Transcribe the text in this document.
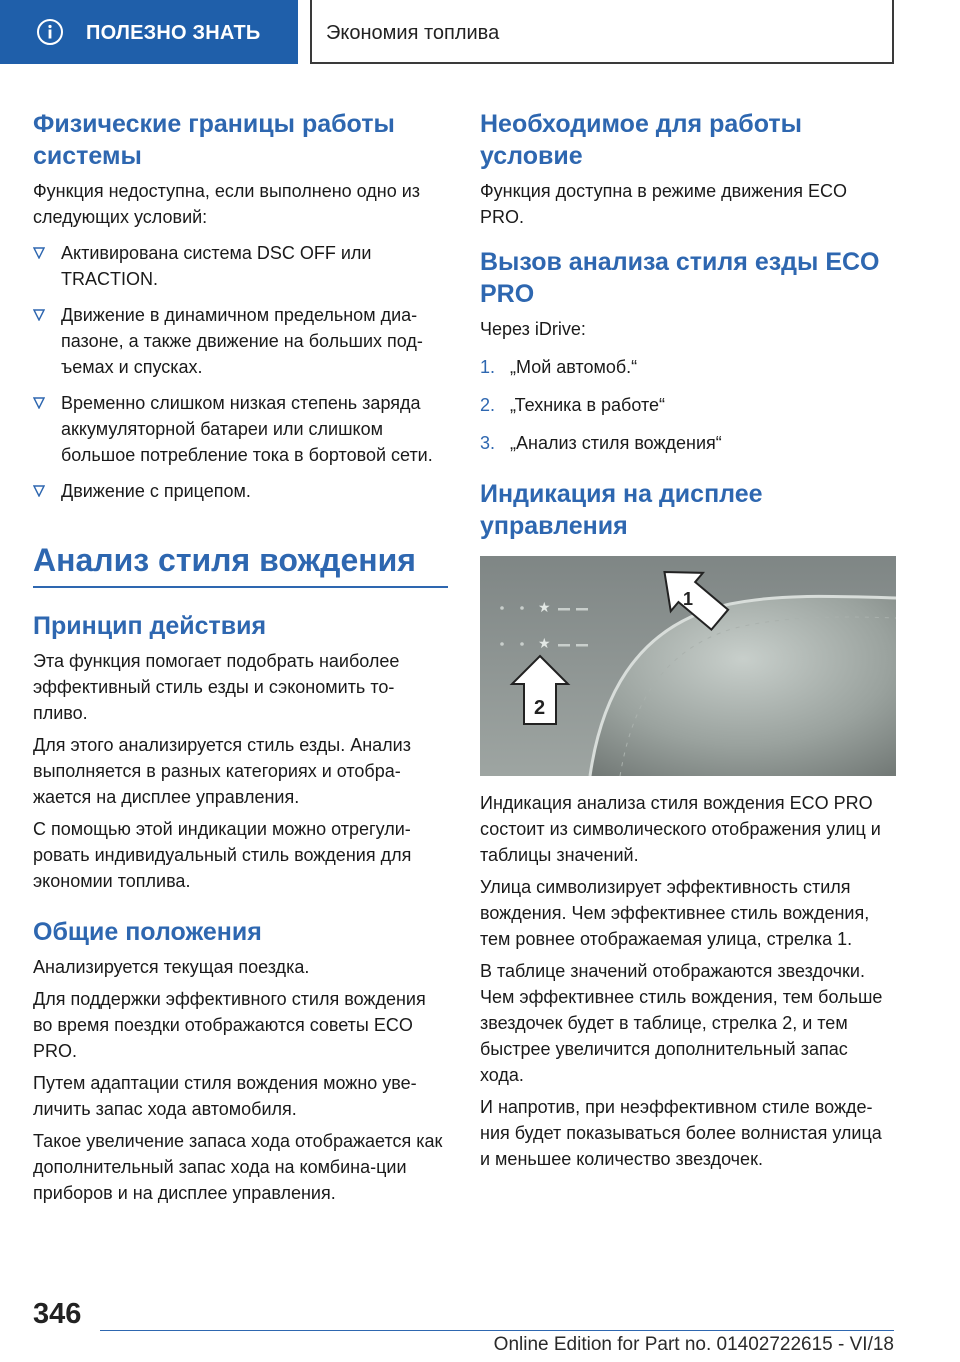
ПОЛЕЗНО ЗНАТЬ	Экономия топлива
Физические границы работы системы

Функция недоступна, если выполнено одно из следующих условий:

Активирована система DSC OFF или TRACTION.
Движение в динамичном предельном диа-пазоне, а также движение на больших под-ъемах и спусках.
Временно слишком низкая степень заряда аккумуляторной батареи или слишком большое потребление тока в бортовой сети.
Движение с прицепом.
Анализ стиля вождения
Принцип действия

Эта функция помогает подобрать наиболее эффективный стиль езды и сэкономить то-пливо.

Для этого анализируется стиль езды. Анализ выполняется в разных категориях и отобра-жается на дисплее управления.

С помощью этой индикации можно отрегули-ровать индивидуальный стиль вождения для экономии топлива.

Общие положения

Анализируется текущая поездка.

Для поддержки эффективного стиля вождения во время поездки отображаются советы ECO PRO.

Путем адаптации стиля вождения можно уве-личить запас хода автомобиля.

Такое увеличение запаса хода отображается как дополнительный запас хода на комбина-ции приборов и на дисплее управления.

Необходимое для работы условие

Функция доступна в режиме движения ECO PRO.

Вызов анализа стиля езды ECO PRO

Через iDrive:

1. „Мой автомоб.“
2. „Техника в работе“
3. „Анализ стиля вождения“
Индикация на дисплее управления
★
★
1
2

Индикация анализа стиля вождения ECO PRO состоит из символического отображения улиц и таблицы значений.

Улица символизирует эффективность стиля вождения. Чем эффективнее стиль вождения, тем ровнее отображаемая улица, стрелка 1.

В таблице значений отображаются звездочки. Чем эффективнее стиль вождения, тем больше звездочек будет в таблице, стрелка 2, и тем быстрее увеличится дополнительный запас хода.

И напротив, при неэффективном стиле вожде-ния будет показываться более волнистая улица и меньшее количество звездочек.

346
Online Edition for Part no. 01402722615 - VI/18
